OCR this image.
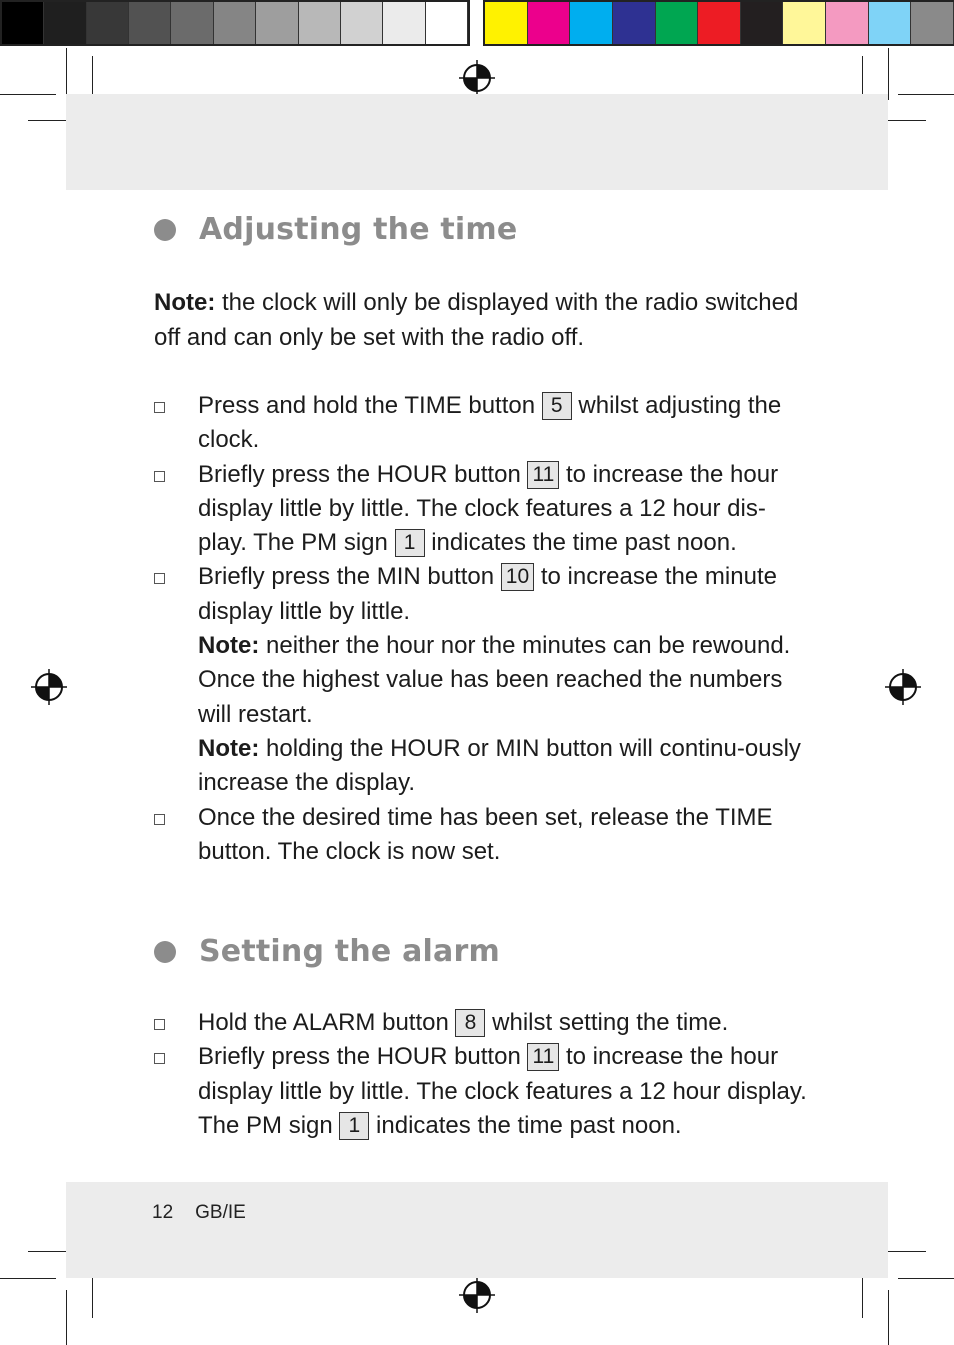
Adjusting the time

Note: the clock will only be displayed with the radio switched off and can only be set with the radio off.

Press and hold the TIME button 5 whilst adjusting the clock.
Briefly press the HOUR button 11 to increase the hour display little by little. The clock features a 12 hour dis-play. The PM sign 1 indicates the time past noon.
Briefly press the MIN button 10 to increase the minute display little by little.
Note: neither the hour nor the minutes can be rewound. Once the highest value has been reached the numbers will restart.
Note: holding the HOUR or MIN button will continu-ously increase the display.
Once the desired time has been set, release the TIME button. The clock is now set.
Setting the alarm
Hold the ALARM button 8 whilst setting the time.
Briefly press the HOUR button 11 to increase the hour display little by little. The clock features a 12 hour display. The PM sign 1 indicates the time past noon.
12 GB/IE
